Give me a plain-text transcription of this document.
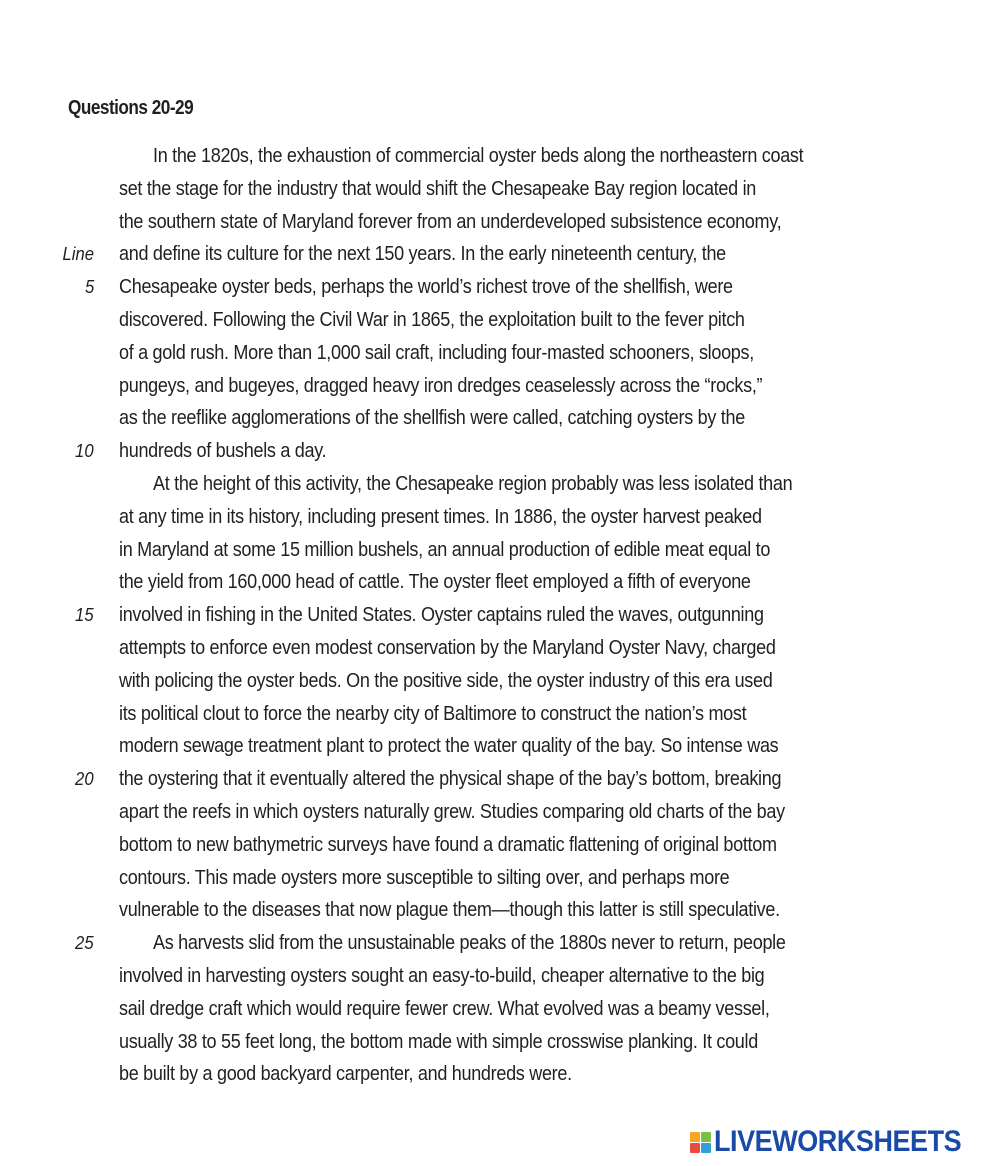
Questions 20-29
In the 1820s, the exhaustion of commercial oyster beds along the northeastern coast
set the stage for the industry that would shift the Chesapeake Bay region located in
the southern state of Maryland forever from an underdeveloped subsistence economy,
Line and define its culture for the next 150 years. In the early nineteenth century, the
5 Chesapeake oyster beds, perhaps the world’s richest trove of the shellfish, were
discovered. Following the Civil War in 1865, the exploitation built to the fever pitch
of a gold rush. More than 1,000 sail craft, including four-masted schooners, sloops,
pungeys, and bugeyes, dragged heavy iron dredges ceaselessly across the “rocks,”
as the reeflike agglomerations of the shellfish were called, catching oysters by the
10 hundreds of bushels a day.
At the height of this activity, the Chesapeake region probably was less isolated than
at any time in its history, including present times. In 1886, the oyster harvest peaked
in Maryland at some 15 million bushels, an annual production of edible meat equal to
the yield from 160,000 head of cattle. The oyster fleet employed a fifth of everyone
15 involved in fishing in the United States. Oyster captains ruled the waves, outgunning
attempts to enforce even modest conservation by the Maryland Oyster Navy, charged
with policing the oyster beds. On the positive side, the oyster industry of this era used
its political clout to force the nearby city of Baltimore to construct the nation’s most
modern sewage treatment plant to protect the water quality of the bay. So intense was
20 the oystering that it eventually altered the physical shape of the bay’s bottom, breaking
apart the reefs in which oysters naturally grew. Studies comparing old charts of the bay
bottom to new bathymetric surveys have found a dramatic flattening of original bottom
contours. This made oysters more susceptible to silting over, and perhaps more
vulnerable to the diseases that now plague them—though this latter is still speculative.
25	As harvests slid from the unsustainable peaks of the 1880s never to return, people
involved in harvesting oysters sought an easy-to-build, cheaper alternative to the big
sail dredge craft which would require fewer crew. What evolved was a beamy vessel,
usually 38 to 55 feet long, the bottom made with simple crosswise planking. It could
be built by a good backyard carpenter, and hundreds were.
LIVEWORKSHEETS
